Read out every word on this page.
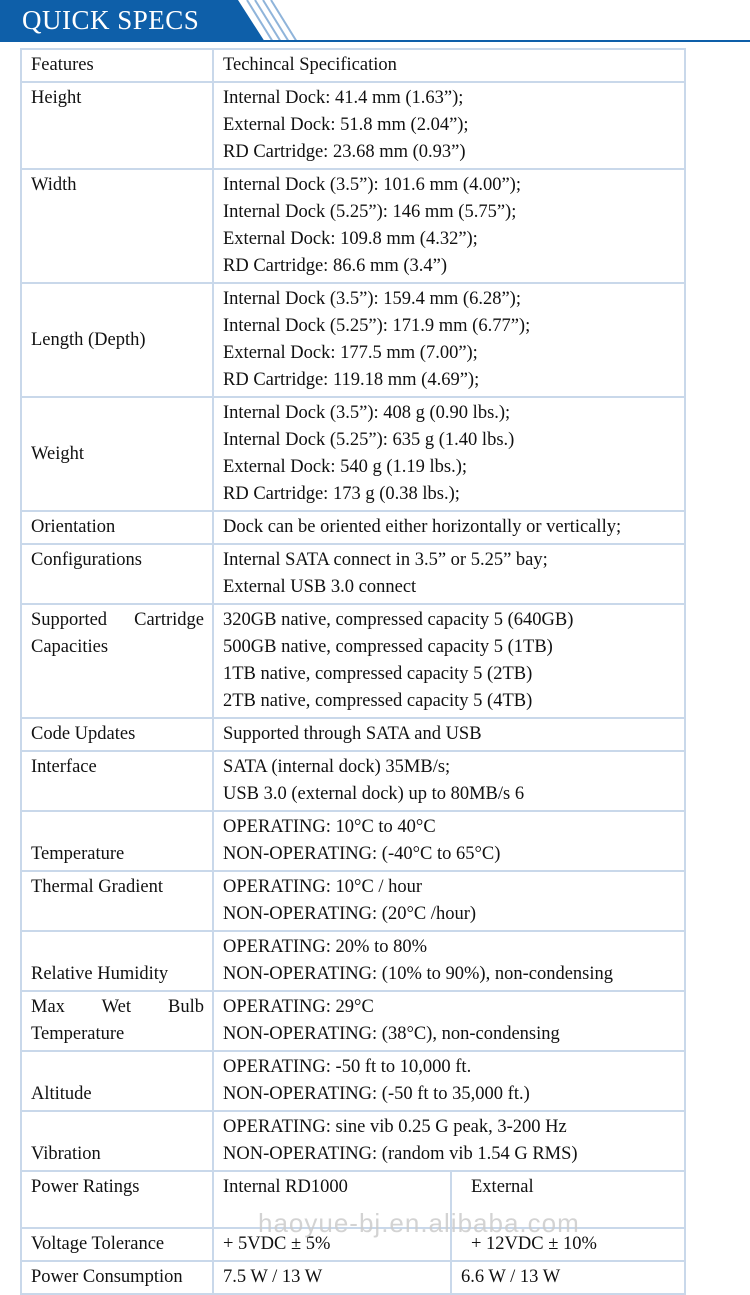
QUICK SPECS
Features	Techincal Specification	
Height	Internal Dock: 41.4 mm (1.63”);
External Dock: 51.8 mm (2.04”);
RD Cartridge: 23.68 mm (0.93”)	

Width	Internal Dock (3.5”): 101.6 mm (4.00”);
Internal Dock (5.25”): 146 mm (5.75”);
External Dock: 109.8 mm (4.32”);
RD Cartridge: 86.6 mm (3.4”)	

Length (Depth)	Internal Dock (3.5”): 159.4 mm (6.28”);
Internal Dock (5.25”): 171.9 mm (6.77”);
External Dock: 177.5 mm (7.00”);
RD Cartridge: 119.18 mm (4.69”);	

Weight	Internal Dock (3.5”): 408 g (0.90 lbs.);
Internal Dock (5.25”): 635 g (1.40 lbs.)
External Dock: 540 g (1.19 lbs.);
RD Cartridge: 173 g (0.38 lbs.);	

Orientation	Dock can be oriented either horizontally or vertically;	

Configurations	Internal SATA connect in 3.5” or 5.25” bay;
External USB 3.0 connect	

Supported Cartridge Capacities	320GB native, compressed capacity 5 (640GB)
500GB native, compressed capacity 5 (1TB)
1TB native, compressed capacity 5 (2TB)
2TB native, compressed capacity 5 (4TB)	

Code Updates	Supported through SATA and USB	

Interface	SATA (internal dock) 35MB/s;
USB 3.0 (external dock) up to 80MB/s 6	

Temperature	OPERATING: 10°C to 40°C
NON-OPERATING: (-40°C to 65°C)	

Thermal Gradient	OPERATING: 10°C / hour
NON-OPERATING: (20°C /hour)	

Relative Humidity	OPERATING: 20% to 80%
NON-OPERATING: (10% to 90%), non-condensing	

Max Wet Bulb Temperature	OPERATING: 29°C
NON-OPERATING: (38°C), non-condensing	

Altitude	OPERATING: -50 ft to 10,000 ft.
NON-OPERATING: (-50 ft to 35,000 ft.)	

Vibration	OPERATING: sine vib 0.25 G peak, 3-200 Hz
NON-OPERATING: (random vib 1.54 G RMS)	

Power Ratings	Internal RD1000	External
Voltage Tolerance	+ 5VDC ± 5%	+ 12VDC ± 10%
Power Consumption	7.5 W / 13 W	6.6 W / 13 W
haoyue-bj.en.alibaba.com
